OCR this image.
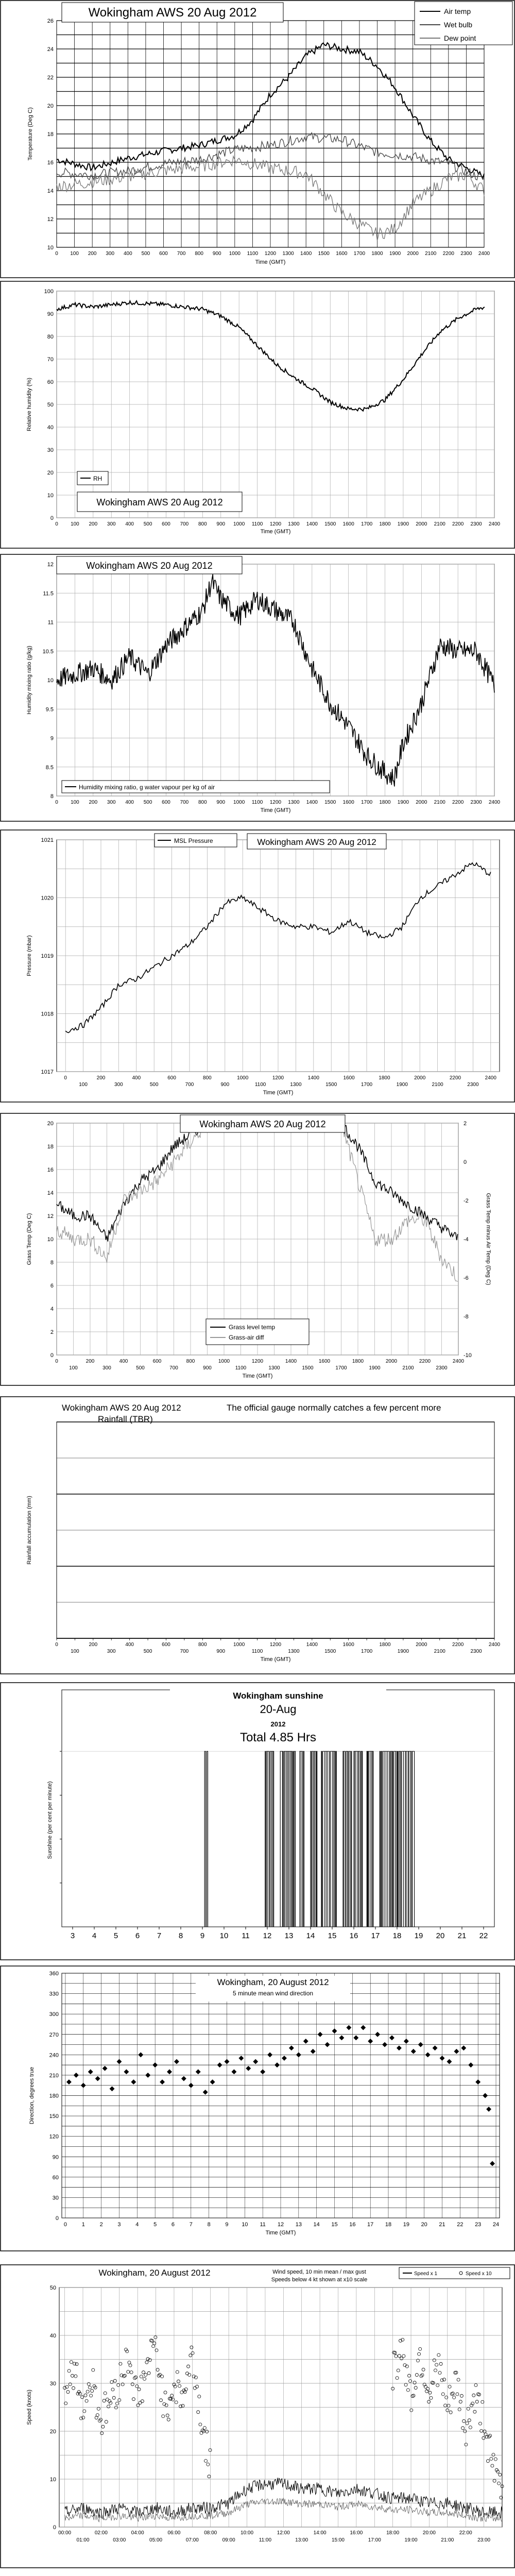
10
12
14
16
18
20
22
24
26
0 100 200 300 400 500 600 700 800 900 1000 1100 1200 1300 1400 1500 1600 1700 1800 1900 2000 2100 2200 2300 2400
Wokingham AWS 20 Aug 2012
Temperature (Deg C)
Time (GMT)
Air temp
Wet bulb
Dew point
0
10
20
30
40
50
60
70
80
90
100
0 100 200 300 400 500 600 700 800 900 1000 1100 1200 1300 1400 1500 1600 1700 1800 1900 2000 2100 2200 2300 2400
Relative humidity (%)
Time (GMT)
RH
Wokingham AWS 20 Aug 2012
8
8.5
9
9.5
10
10.5
11
11.5
12
0 100 200 300 400 500 600 700 800 900 1000 1100 1200 1300 1400 1500 1600 1700 1800 1900 2000 2100 2200 2300 2400
Humidity mixing ratio (g/kg)
Time (GMT)
Wokingham AWS 20 Aug 2012
Humidity mixing ratio, g water vapour per kg of air
1017
1018
1019
1020
1021
0
100
200
300
400
500
600
700
800
900
1000
1100
1200
1300
1400
1500
1600
1700
1800
1900
2000
2100
2200
2300
2400
Pressure (mbar)
Time (GMT)
MSL Pressure	Wokingham AWS 20 Aug 2012
0
2
4
6
8
10
12
14
16
18
20
-10
-8
-6
-4
-2
0
2
0
100
200
300
400
500
600
700
800
900
1000
1100
1200
1300
1400
1500
1600
1700
1800
1900
2000
2100
2200
2300
2400
Grass Temp (Deg C)	Grass Temp minus Air Temp (Deg C)
Time (GMT)
Wokingham AWS 20 Aug 2012
Grass level temp
Grass-air diff
0
100
200
300
400
500
600
700
800
900
1000
1100
1200
1300
1400
1500
1600
1700
1800
1900
2000
2100
2200
2300
2400
Rainfall accumulation (mm)
Time (GMT)
Wokingham AWS 20 Aug 2012
Rainfall (TBR)
The official gauge normally catches a few percent more
Sunshine (per cent per minute)
3 4 5 6 7 8 9 10 11 12 13 14 15 16 17 18 19 20 21 22
Wokingham sunshine
20-Aug
2012
Total 4.85 Hrs
0
30
60
90
120
150
180
210
240
270
300
330
360
0	1	2	3	4	5	6	7	8	9 10 11 12 13 14 15 16 17 18 19 20 21 22 23 24
Direction, degrees true
Time (GMT)
Wokingham, 20 August 2012
5 minute mean wind direction
0
10
20
30
40
50
00:00	02:00	04:00	06:00	08:00	10:00	12:00	14:00	16:00	18:00	20:00	22:00
01:00	03:00	05:00	07:00	09:00	11:00	13:00	15:00	17:00	19:00	21:00	23:00
Speed (knots)
Wokingham, 20 August 2012	Wind speed, 10 min mean / max gust
Speeds below 4 kt shown at x10 scale
Speed x 1	Speed x 10
